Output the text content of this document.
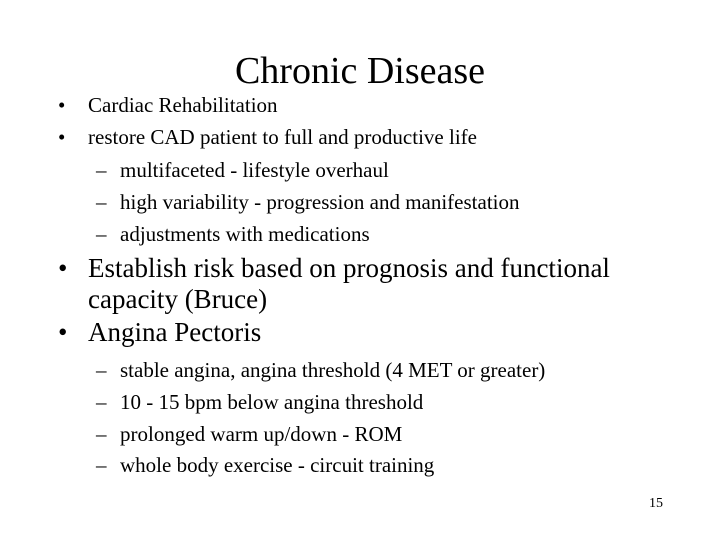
Chronic Disease
• Cardiac Rehabilitation
• restore CAD patient to full and productive life
– multifaceted - lifestyle overhaul
– high variability - progression and manifestation
– adjustments with medications
• Establish risk based on prognosis and functional
capacity (Bruce)
• Angina Pectoris
– stable angina, angina threshold (4 MET or greater)
– 10 - 15 bpm below angina threshold
– prolonged warm up/down - ROM
– whole body exercise - circuit training
15
